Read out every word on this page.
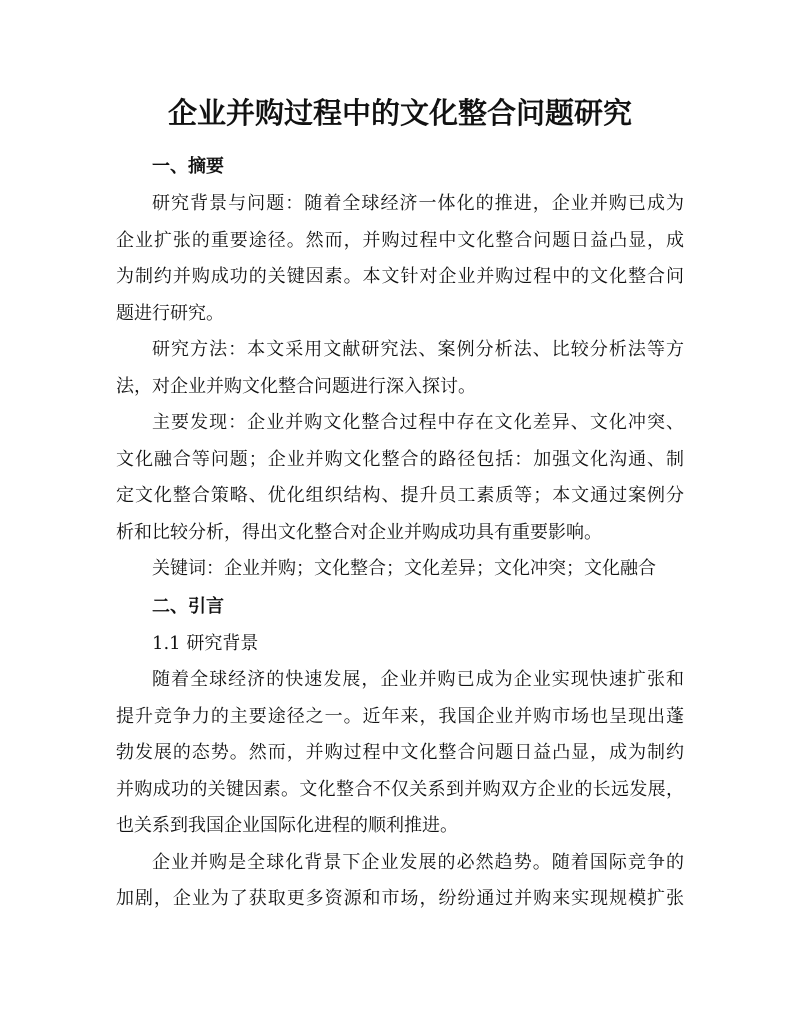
企业并购过程中的文化整合问题研究
一、摘要

研究背景与问题：随着全球经济一体化的推进，企业并购已成为
企业扩张的重要途径。然而，并购过程中文化整合问题日益凸显，成
为制约并购成功的关键因素。本文针对企业并购过程中的文化整合问
题进行研究。

研究方法：本文采用文献研究法、案例分析法、比较分析法等方
法，对企业并购文化整合问题进行深入探讨。

主要发现：企业并购文化整合过程中存在文化差异、文化冲突、
文化融合等问题；企业并购文化整合的路径包括：加强文化沟通、制
定文化整合策略、优化组织结构、提升员工素质等；本文通过案例分
析和比较分析，得出文化整合对企业并购成功具有重要影响。

关键词：企业并购；文化整合；文化差异；文化冲突；文化融合

二、引言

1.1 研究背景

随着全球经济的快速发展，企业并购已成为企业实现快速扩张和
提升竞争力的主要途径之一。近年来，我国企业并购市场也呈现出蓬
勃发展的态势。然而，并购过程中文化整合问题日益凸显，成为制约
并购成功的关键因素。文化整合不仅关系到并购双方企业的长远发展，
也关系到我国企业国际化进程的顺利推进。

企业并购是全球化背景下企业发展的必然趋势。随着国际竞争的
加剧，企业为了获取更多资源和市场，纷纷通过并购来实现规模扩张
